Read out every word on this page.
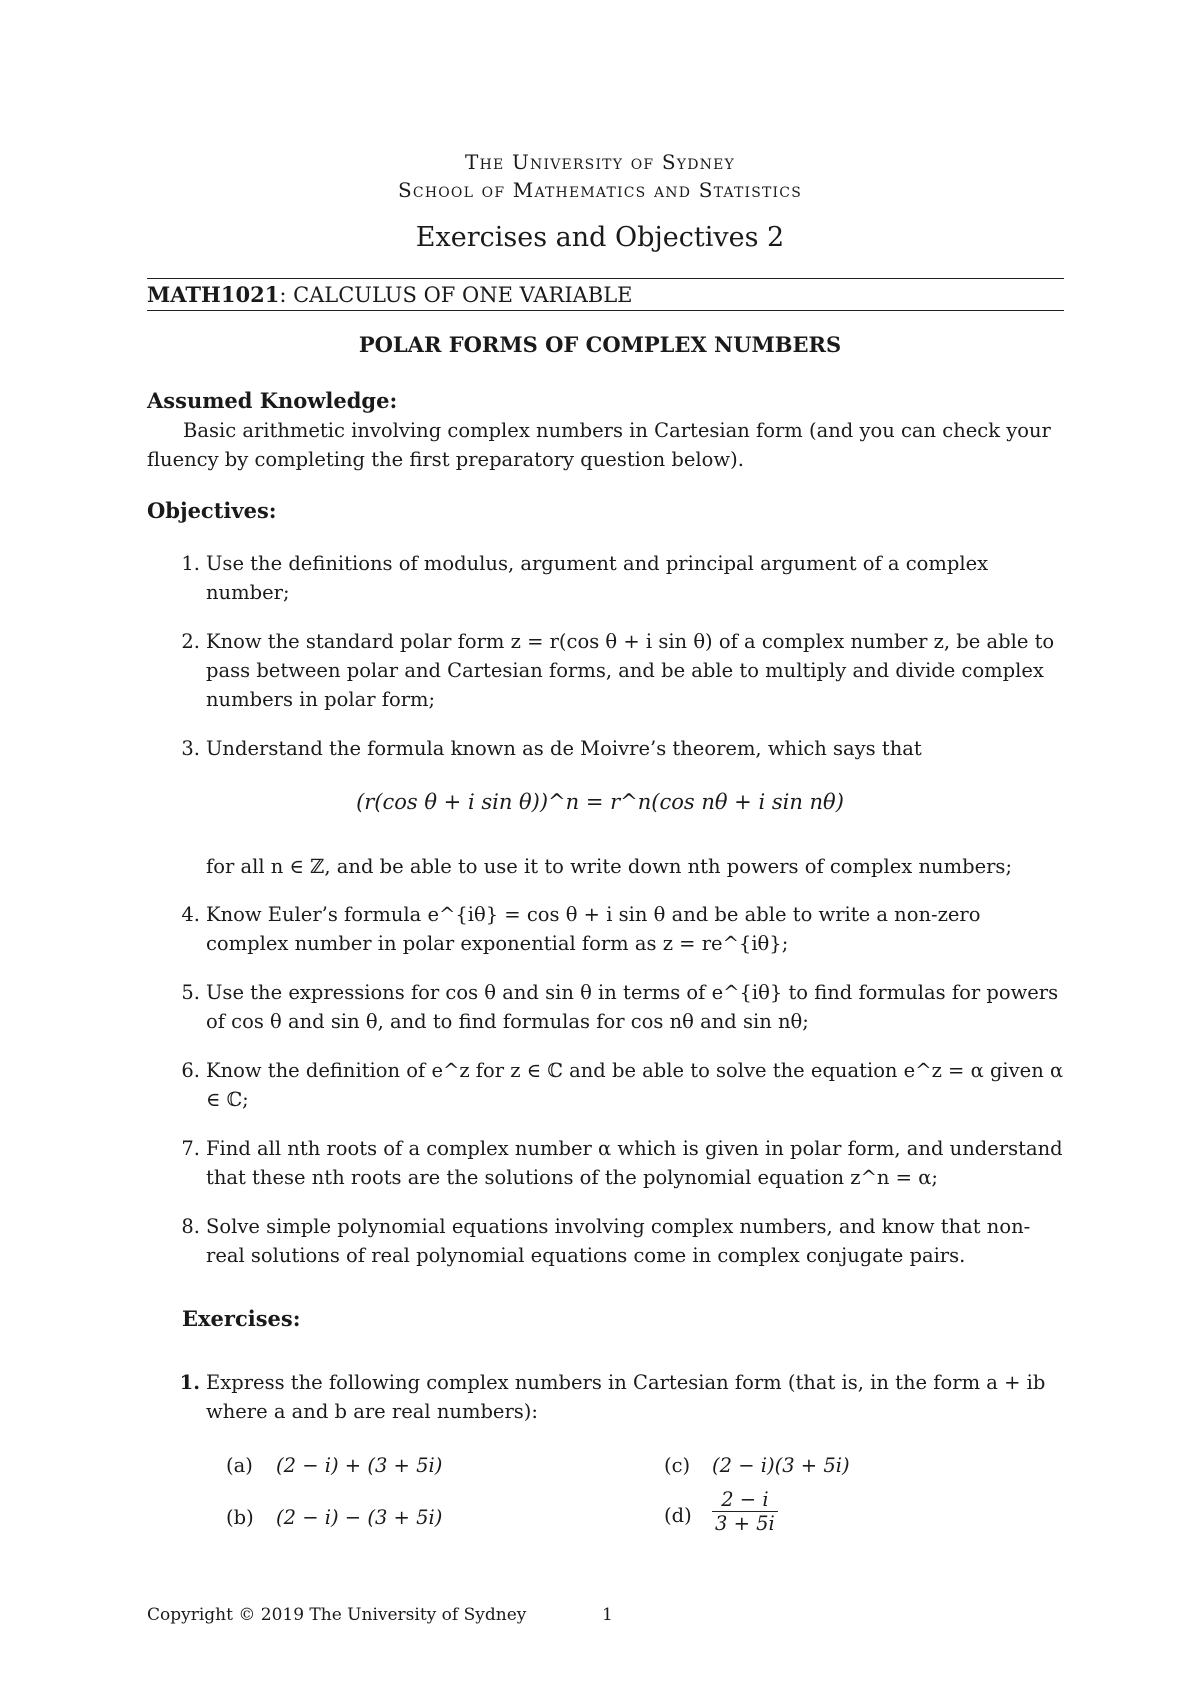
The University of Sydney
School of Mathematics and Statistics
Exercises and Objectives 2
MATH1021: CALCULUS OF ONE VARIABLE
POLAR FORMS OF COMPLEX NUMBERS
Assumed Knowledge:
Basic arithmetic involving complex numbers in Cartesian form (and you can check your fluency by completing the first preparatory question below).
Objectives:
1. Use the definitions of modulus, argument and principal argument of a complex number;
2. Know the standard polar form z = r(cos θ + i sin θ) of a complex number z, be able to pass between polar and Cartesian forms, and be able to multiply and divide complex numbers in polar form;
3. Understand the formula known as de Moivre’s theorem, which says that
(r(cos θ + i sin θ))^n = r^n(cos nθ + i sin nθ)
for all n ∈ ℤ, and be able to use it to write down nth powers of complex numbers;
4. Know Euler’s formula e^{iθ} = cos θ + i sin θ and be able to write a non-zero complex number in polar exponential form as z = re^{iθ};
5. Use the expressions for cos θ and sin θ in terms of e^{iθ} to find formulas for powers of cos θ and sin θ, and to find formulas for cos nθ and sin nθ;
6. Know the definition of e^z for z ∈ ℂ and be able to solve the equation e^z = α given α ∈ ℂ;
7. Find all nth roots of a complex number α which is given in polar form, and understand that these nth roots are the solutions of the polynomial equation z^n = α;
8. Solve simple polynomial equations involving complex numbers, and know that non-real solutions of real polynomial equations come in complex conjugate pairs.
Exercises:
1. Express the following complex numbers in Cartesian form (that is, in the form a + ib where a and b are real numbers):
(a) (2 − i) + (3 + 5i)
(b) (2 − i) − (3 + 5i)
(c) (2 − i)(3 + 5i)
$(d) \frac{2 - i}{3 + 5i}$
Copyright © 2019 The University of Sydney	1
